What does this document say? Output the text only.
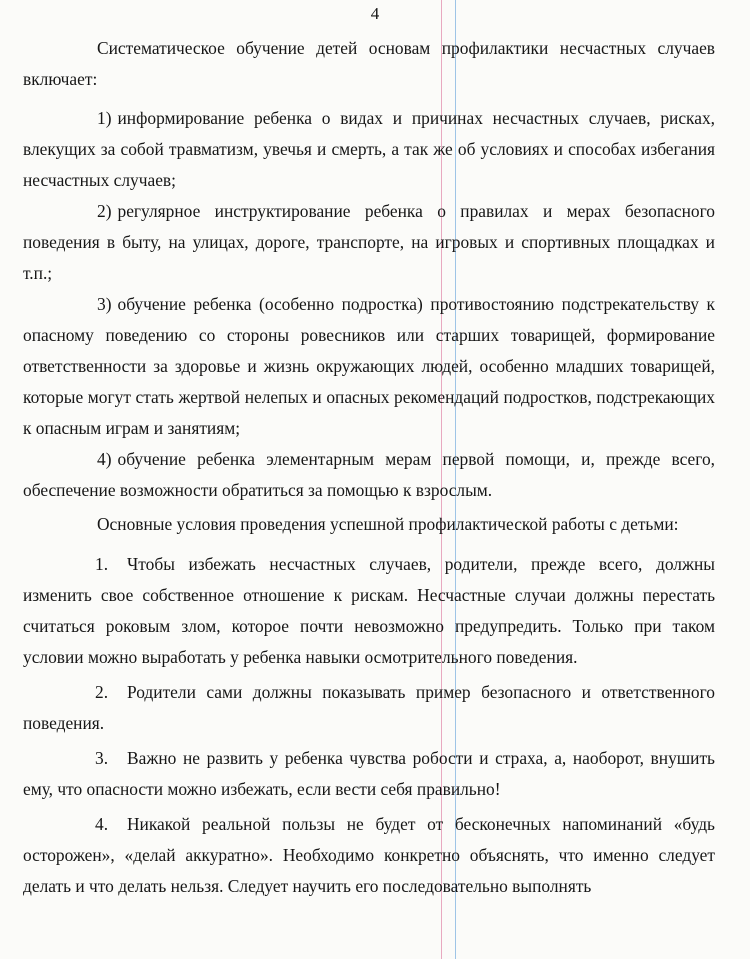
4

Систематическое обучение детей основам профилактики несчастных случаев включает:

1) информирование ребенка о видах и причинах несчастных случаев, рисках, влекущих за собой травматизм, увечья и смерть, а так же об условиях и способах избегания несчастных случаев;

2) регулярное инструктирование ребенка о правилах и мерах безопасного поведения в быту, на улицах, дороге, транспорте, на игровых и спортивных площадках и т.п.;

3) обучение ребенка (особенно подростка) противостоянию подстрекательству к опасному поведению со стороны ровесников или старших товарищей, формирование ответственности за здоровье и жизнь окружающих людей, особенно младших товарищей, которые могут стать жертвой нелепых и опасных рекомендаций подростков, подстрекающих к опасным играм и занятиям;

4) обучение ребенка элементарным мерам первой помощи, и, прежде всего, обеспечение возможности обратиться за помощью к взрослым.

Основные условия проведения успешной профилактической работы с детьми:

1. Чтобы избежать несчастных случаев, родители, прежде всего, должны изменить свое собственное отношение к рискам. Несчастные случаи должны перестать считаться роковым злом, которое почти невозможно предупредить. Только при таком условии можно выработать у ребенка навыки осмотрительного поведения.

2. Родители сами должны показывать пример безопасного и ответственного поведения.

3. Важно не развить у ребенка чувства робости и страха, а, наоборот, внушить ему, что опасности можно избежать, если вести себя правильно!

4. Никакой реальной пользы не будет от бесконечных напоминаний «будь осторожен», «делай аккуратно». Необходимо конкретно объяснять, что именно следует делать и что делать нельзя. Следует научить его последовательно выполнять
